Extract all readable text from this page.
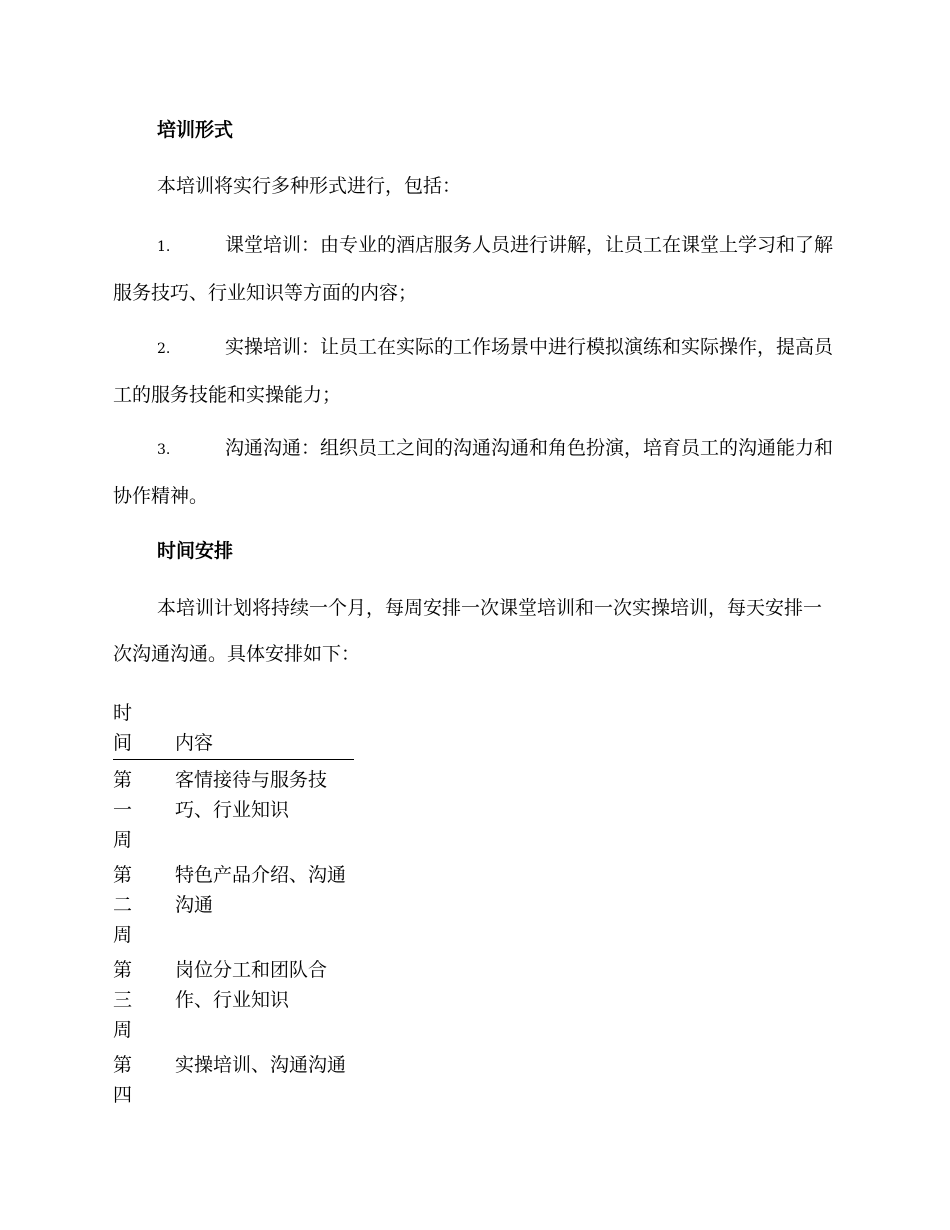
培训形式

本培训将实行多种形式进行，包括：

1.	课堂培训：由专业的酒店服务人员进行讲解，让员工在课堂上学习和了解服务技巧、行业知识等方面的内容；

2.	实操培训：让员工在实际的工作场景中进行模拟演练和实际操作，提高员工的服务技能和实操能力；

3.	沟通沟通：组织员工之间的沟通沟通和角色扮演，培育员工的沟通能力和协作精神。

时间安排

本培训计划将持续一个月，每周安排一次课堂培训和一次实操培训，每天安排一次沟通沟通。具体安排如下：

时间	内容
第一周	客情接待与服务技巧、行业知识
第二周	特色产品介绍、沟通沟通
第三周	岗位分工和团队合作、行业知识
第四	实操培训、沟通沟通
